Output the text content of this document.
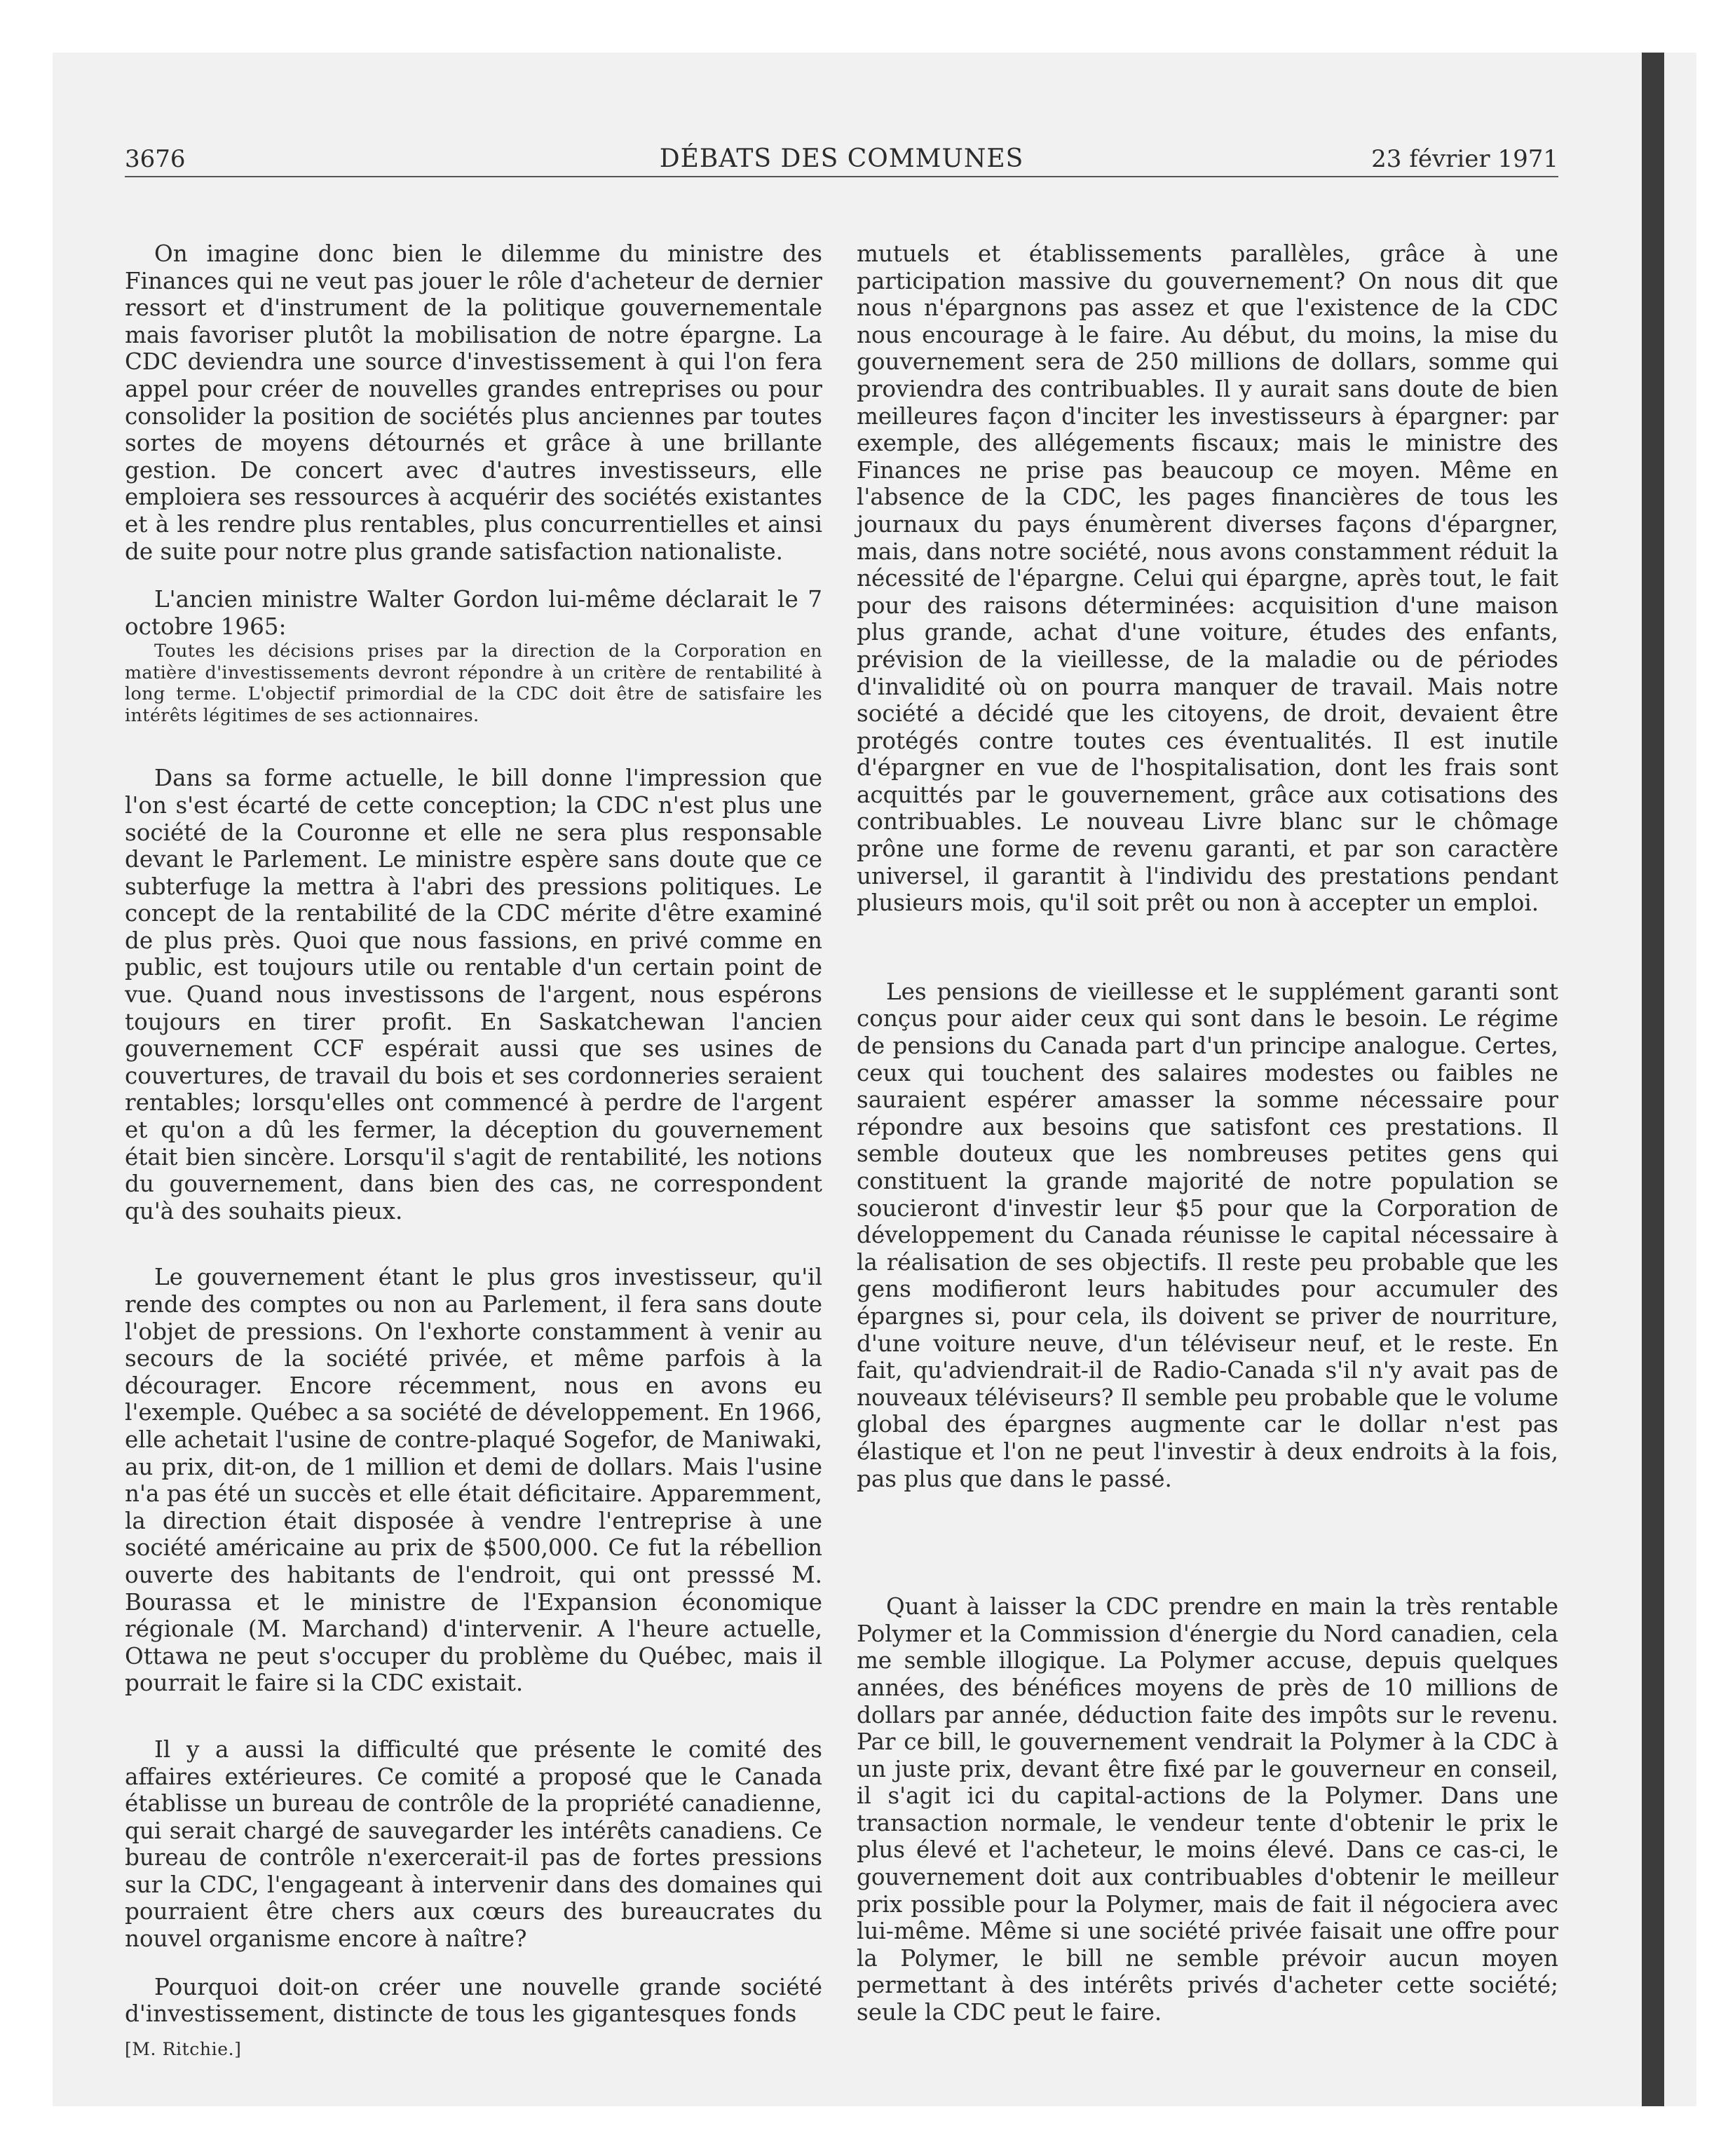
3676	DÉBATS DES COMMUNES	23 février 1971

On imagine donc bien le dilemme du ministre des Finances qui ne veut pas jouer le rôle d'acheteur de dernier ressort et d'instrument de la politique gouvernementale mais favoriser plutôt la mobilisation de notre épargne. La CDC deviendra une source d'investissement à qui l'on fera appel pour créer de nouvelles grandes entreprises ou pour consolider la position de sociétés plus anciennes par toutes sortes de moyens détournés et grâce à une brillante gestion. De concert avec d'autres investisseurs, elle emploiera ses ressources à acquérir des sociétés existantes et à les rendre plus rentables, plus concurrentielles et ainsi de suite pour notre plus grande satisfaction nationaliste.

L'ancien ministre Walter Gordon lui-même déclarait le 7 octobre 1965:

Toutes les décisions prises par la direction de la Corporation en matière d'investissements devront répondre à un critère de rentabilité à long terme. L'objectif primordial de la CDC doit être de satisfaire les intérêts légitimes de ses actionnaires.

Dans sa forme actuelle, le bill donne l'impression que l'on s'est écarté de cette conception; la CDC n'est plus une société de la Couronne et elle ne sera plus responsable devant le Parlement. Le ministre espère sans doute que ce subterfuge la mettra à l'abri des pressions politiques. Le concept de la rentabilité de la CDC mérite d'être examiné de plus près. Quoi que nous fassions, en privé comme en public, est toujours utile ou rentable d'un certain point de vue. Quand nous investissons de l'argent, nous espérons toujours en tirer profit. En Saskatchewan l'ancien gouvernement CCF espérait aussi que ses usines de couvertures, de travail du bois et ses cordonneries seraient rentables; lorsqu'elles ont commencé à perdre de l'argent et qu'on a dû les fermer, la déception du gouvernement était bien sincère. Lorsqu'il s'agit de rentabilité, les notions du gouvernement, dans bien des cas, ne correspondent qu'à des souhaits pieux.

Le gouvernement étant le plus gros investisseur, qu'il rende des comptes ou non au Parlement, il fera sans doute l'objet de pressions. On l'exhorte constamment à venir au secours de la société privée, et même parfois à la décourager. Encore récemment, nous en avons eu l'exemple. Québec a sa société de développement. En 1966, elle achetait l'usine de contre-plaqué Sogefor, de Maniwaki, au prix, dit-on, de 1 million et demi de dollars. Mais l'usine n'a pas été un succès et elle était déficitaire. Apparemment, la direction était disposée à vendre l'entreprise à une société américaine au prix de $500,000. Ce fut la rébellion ouverte des habitants de l'endroit, qui ont presssé M. Bourassa et le ministre de l'Expansion économique régionale (M. Marchand) d'intervenir. A l'heure actuelle, Ottawa ne peut s'occuper du problème du Québec, mais il pourrait le faire si la CDC existait.

Il y a aussi la difficulté que présente le comité des affaires extérieures. Ce comité a proposé que le Canada établisse un bureau de contrôle de la propriété canadienne, qui serait chargé de sauvegarder les intérêts canadiens. Ce bureau de contrôle n'exercerait-il pas de fortes pressions sur la CDC, l'engageant à intervenir dans des domaines qui pourraient être chers aux cœurs des bureaucrates du nouvel organisme encore à naître?

Pourquoi doit-on créer une nouvelle grande société d'investissement, distincte de tous les gigantesques fonds

[M. Ritchie.]

mutuels et établissements parallèles, grâce à une participation massive du gouvernement? On nous dit que nous n'épargnons pas assez et que l'existence de la CDC nous encourage à le faire. Au début, du moins, la mise du gouvernement sera de 250 millions de dollars, somme qui proviendra des contribuables. Il y aurait sans doute de bien meilleures façon d'inciter les investisseurs à épargner: par exemple, des allégements fiscaux; mais le ministre des Finances ne prise pas beaucoup ce moyen. Même en l'absence de la CDC, les pages financières de tous les journaux du pays énumèrent diverses façons d'épargner, mais, dans notre société, nous avons constamment réduit la nécessité de l'épargne. Celui qui épargne, après tout, le fait pour des raisons déterminées: acquisition d'une maison plus grande, achat d'une voiture, études des enfants, prévision de la vieillesse, de la maladie ou de périodes d'invalidité où on pourra manquer de travail. Mais notre société a décidé que les citoyens, de droit, devaient être protégés contre toutes ces éventualités. Il est inutile d'épargner en vue de l'hospitalisation, dont les frais sont acquittés par le gouvernement, grâce aux cotisations des contribuables. Le nouveau Livre blanc sur le chômage prône une forme de revenu garanti, et par son caractère universel, il garantit à l'individu des prestations pendant plusieurs mois, qu'il soit prêt ou non à accepter un emploi.

Les pensions de vieillesse et le supplément garanti sont conçus pour aider ceux qui sont dans le besoin. Le régime de pensions du Canada part d'un principe analogue. Certes, ceux qui touchent des salaires modestes ou faibles ne sauraient espérer amasser la somme nécessaire pour répondre aux besoins que satisfont ces prestations. Il semble douteux que les nombreuses petites gens qui constituent la grande majorité de notre population se soucieront d'investir leur $5 pour que la Corporation de développement du Canada réunisse le capital nécessaire à la réalisation de ses objectifs. Il reste peu probable que les gens modifieront leurs habitudes pour accumuler des épargnes si, pour cela, ils doivent se priver de nourriture, d'une voiture neuve, d'un téléviseur neuf, et le reste. En fait, qu'adviendrait-il de Radio-Canada s'il n'y avait pas de nouveaux téléviseurs? Il semble peu probable que le volume global des épargnes augmente car le dollar n'est pas élastique et l'on ne peut l'investir à deux endroits à la fois, pas plus que dans le passé.

Quant à laisser la CDC prendre en main la très rentable Polymer et la Commission d'énergie du Nord canadien, cela me semble illogique. La Polymer accuse, depuis quelques années, des bénéfices moyens de près de 10 millions de dollars par année, déduction faite des impôts sur le revenu. Par ce bill, le gouvernement vendrait la Polymer à la CDC à un juste prix, devant être fixé par le gouverneur en conseil, il s'agit ici du capital-actions de la Polymer. Dans une transaction normale, le vendeur tente d'obtenir le prix le plus élevé et l'acheteur, le moins élevé. Dans ce cas-ci, le gouvernement doit aux contribuables d'obtenir le meilleur prix possible pour la Polymer, mais de fait il négociera avec lui-même. Même si une société privée faisait une offre pour la Polymer, le bill ne semble prévoir aucun moyen permettant à des intérêts privés d'acheter cette société; seule la CDC peut le faire.
